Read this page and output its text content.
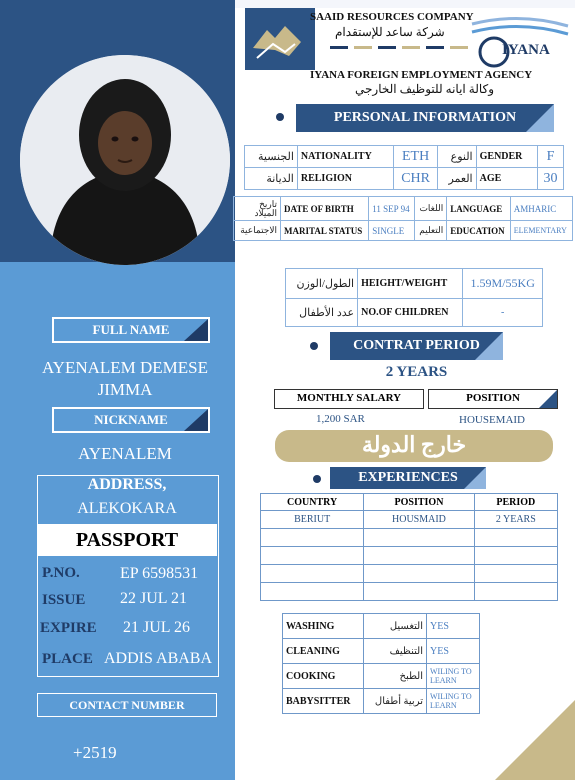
FULL NAME
AYENALEM DEMESE JIMMA
NICKNAME
AYENALEM
ADDRESS,
ALEKOKARA
PASSPORT
P.NO.	EP 6598531
ISSUE 22 JUL 21
EXPIRE 21 JUL 26
PLACE ADDIS ABABA
CONTACT NUMBER
+2519
SAAID RESOURCES COMPANY
شركة ساعد للإستقدام
IYANA
IYANA FOREIGN EMPLOYMENT AGENCY
وكالة ايانه للتوظيف الخارجي
PERSONAL INFORMATION
الجنسية	NATIONALITY	ETH	النوع	GENDER	F
الديانة	RELIGION	CHR	العمر	AGE	30
تاريخ الميلاد	DATE OF BIRTH	11 SEP 94	اللغات	LANGUAGE	AMHARIC
الاجتماعية	MARITAL STATUS	SINGLE	التعليم	EDUCATION	ELEMENTARY
الطول/الوزن	HEIGHT/WEIGHT	1.59M/55KG
عدد الأطفال	NO.OF CHILDREN	-
CONTRAT PERIOD
2 YEARS
MONTHLY SALARY	POSITION
1,200 SAR	HOUSEMAID
خارج الدولة
EXPERIENCES
COUNTRY	POSITION	PERIOD
BERIUT	HOUSMAID	2 YEARS

WASHING	التغسيل	YES
CLEANING	التنظيف	YES
COOKING	الطبخ	WILING TO LEARN
BABYSITTER	تربية أطفال	WILING TO LEARN
